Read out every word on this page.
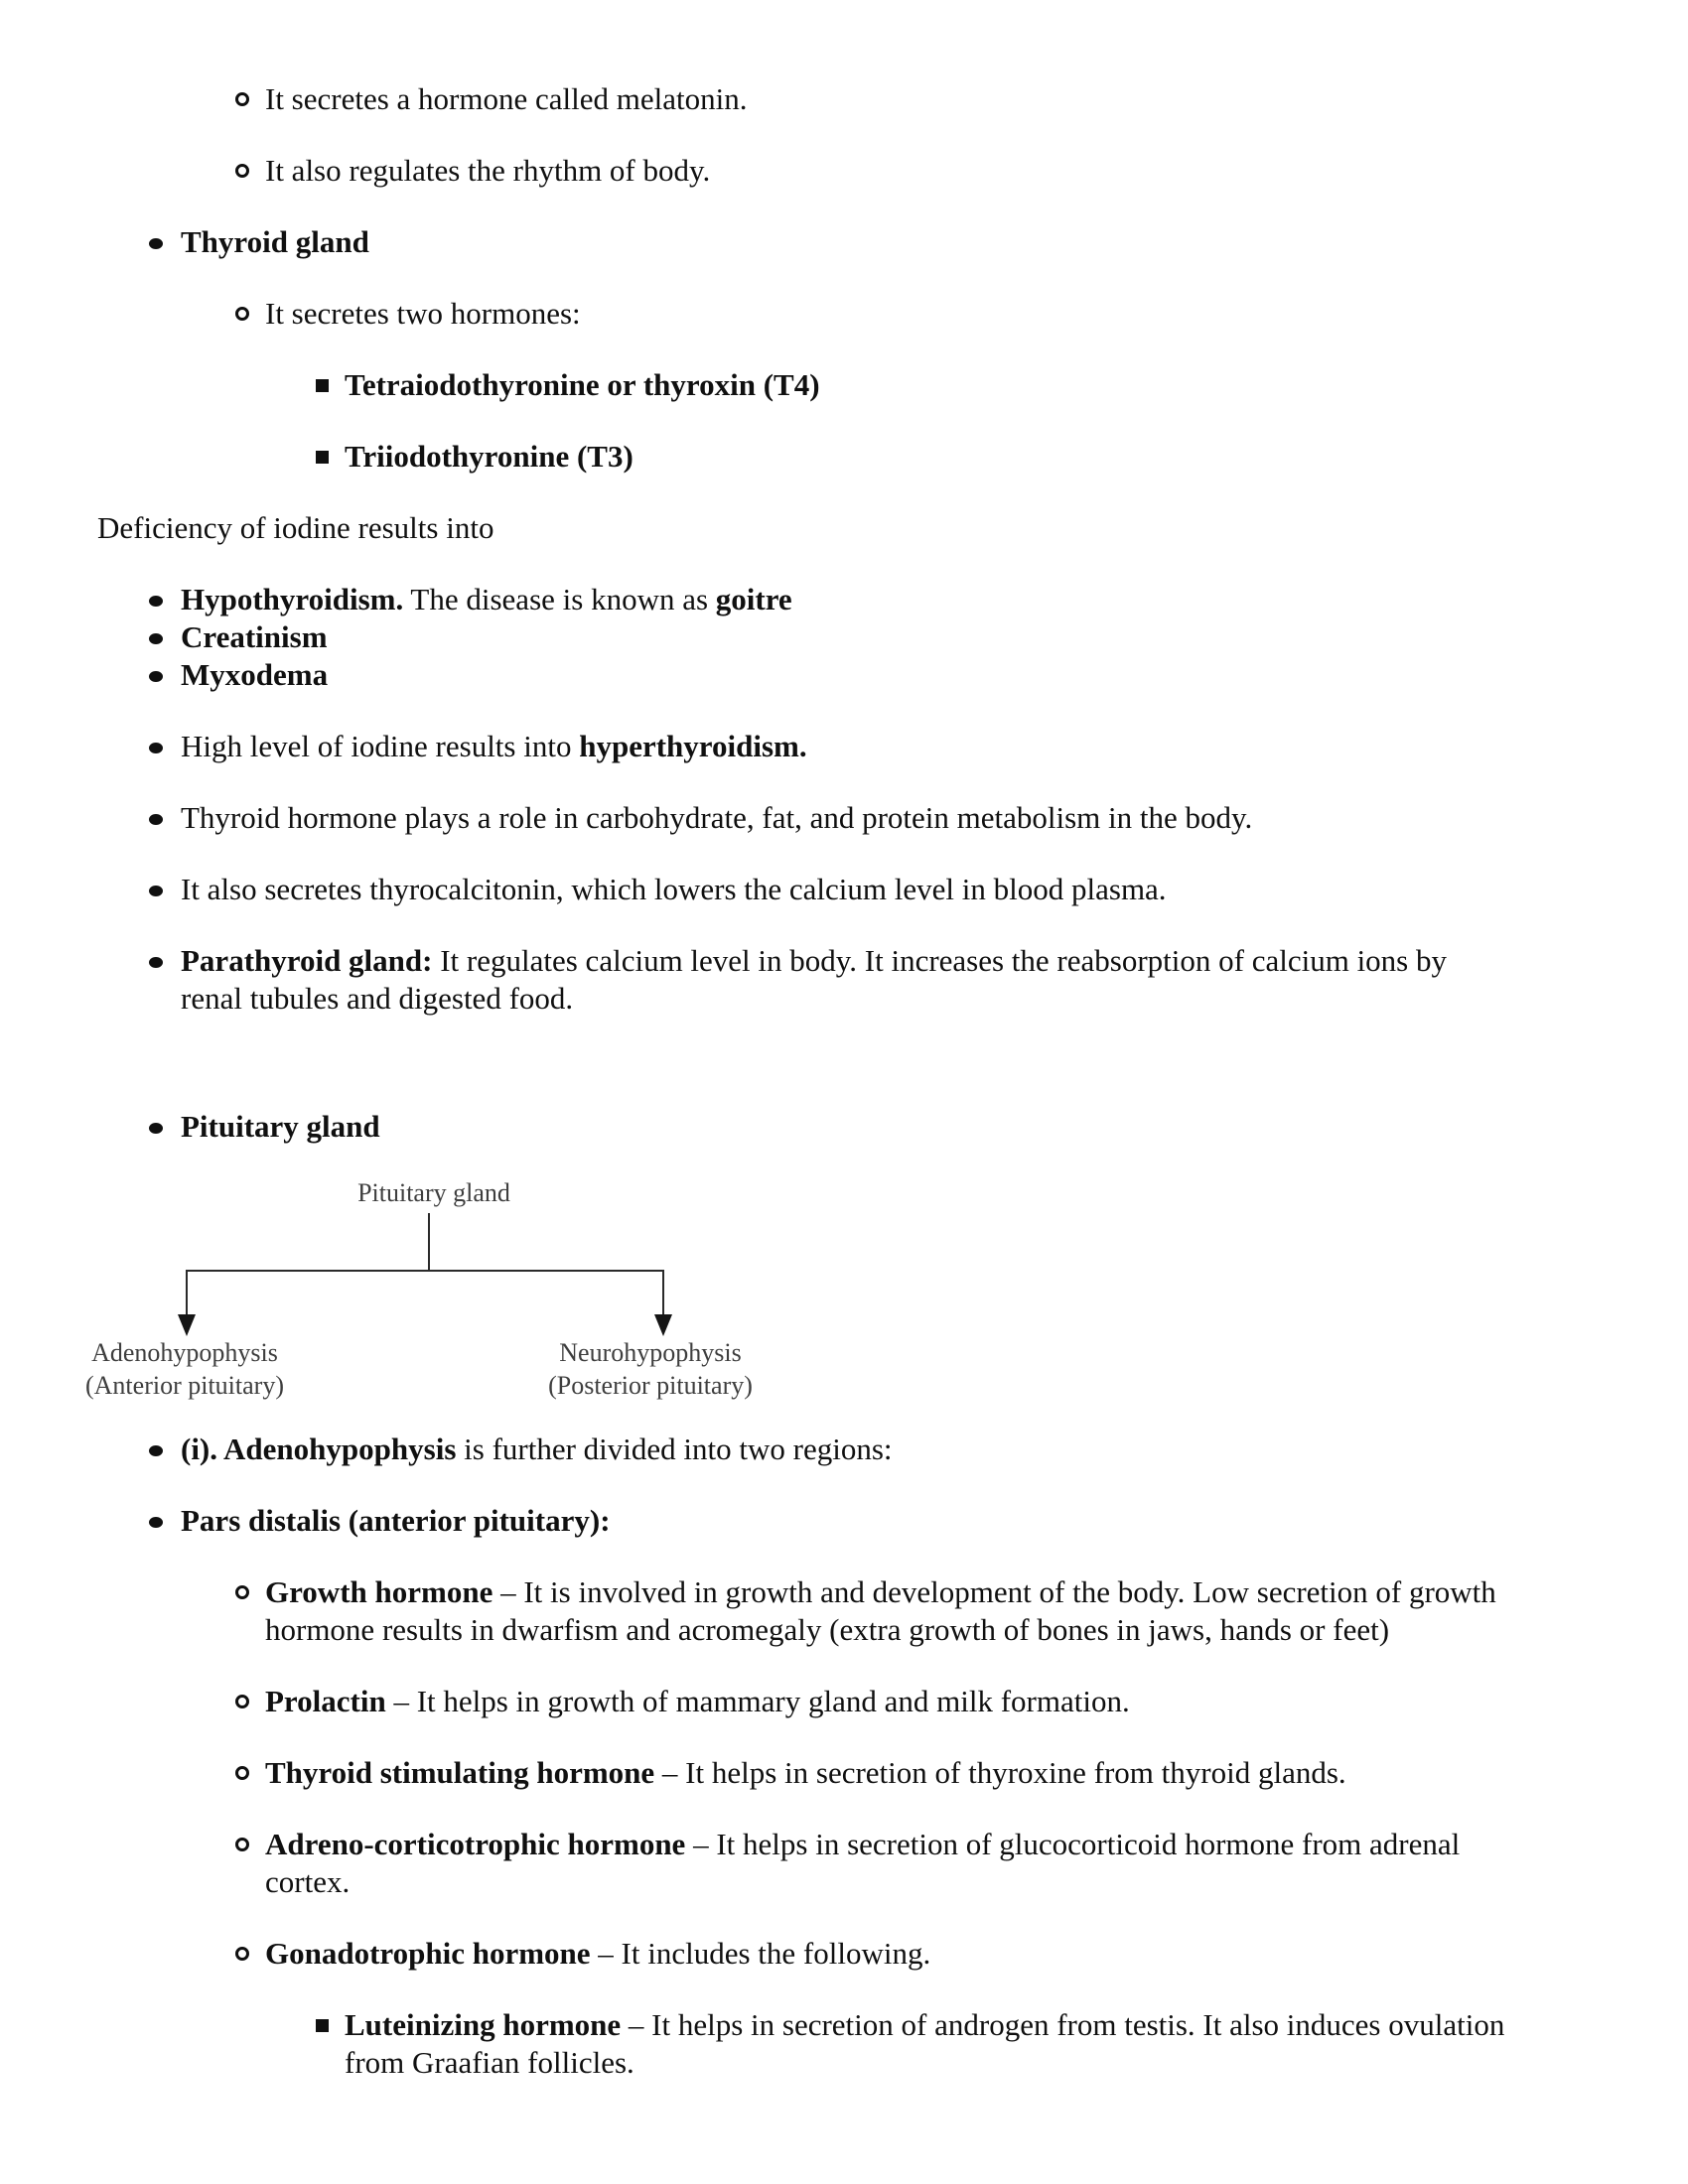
It secretes a hormone called melatonin.
It also regulates the rhythm of body.
Thyroid gland
It secretes two hormones:
Tetraiodothyronine or thyroxin (T4)
Triiodothyronine (T3)
Deficiency of iodine results into
Hypothyroidism. The disease is known as goitre
Creatinism
Myxodema
High level of iodine results into hyperthyroidism.
Thyroid hormone plays a role in carbohydrate, fat, and protein metabolism in the body.
It also secretes thyrocalcitonin, which lowers the calcium level in blood plasma.
Parathyroid gland: It regulates calcium level in body. It increases the reabsorption of calcium ions by
renal tubules and digested food.
Pituitary gland
Pituitary gland
Adenohypophysis
(Anterior pituitary)
Neurohypophysis
(Posterior pituitary)
(i). Adenohypophysis is further divided into two regions:
Pars distalis (anterior pituitary):
Growth hormone – It is involved in growth and development of the body. Low secretion of growth
hormone results in dwarfism and acromegaly (extra growth of bones in jaws, hands or feet)
Prolactin – It helps in growth of mammary gland and milk formation.
Thyroid stimulating hormone – It helps in secretion of thyroxine from thyroid glands.
Adreno-corticotrophic hormone – It helps in secretion of glucocorticoid hormone from adrenal
cortex.
Gonadotrophic hormone – It includes the following.
Luteinizing hormone – It helps in secretion of androgen from testis. It also induces ovulation
from Graafian follicles.
